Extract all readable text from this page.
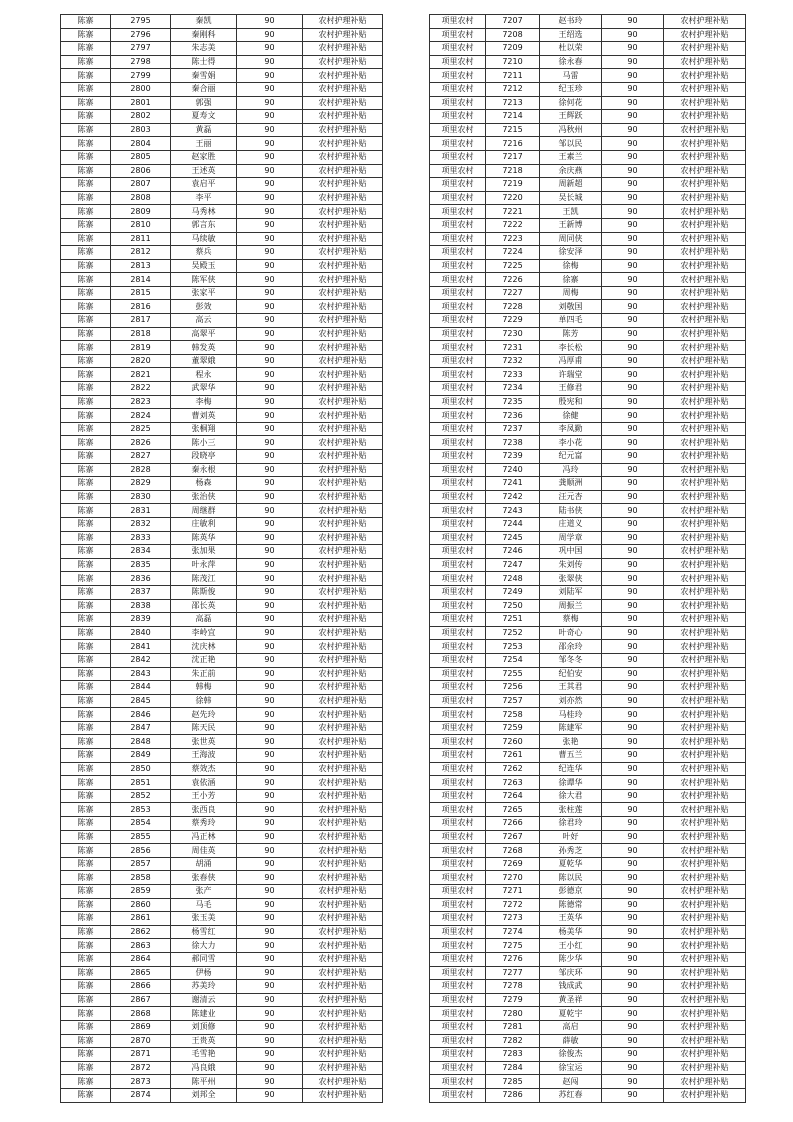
陈寨	2795	秦凯	90	农村护理补贴
陈寨	2796	秦刚科	90	农村护理补贴
陈寨	2797	朱志美	90	农村护理补贴
陈寨	2798	陈士得	90	农村护理补贴
陈寨	2799	秦雪娟	90	农村护理补贴
陈寨	2800	秦合丽	90	农村护理补贴
陈寨	2801	郭强	90	农村护理补贴
陈寨	2802	夏寿文	90	农村护理补贴
陈寨	2803	黄磊	90	农村护理补贴
陈寨	2804	王丽	90	农村护理补贴
陈寨	2805	赵家胜	90	农村护理补贴
陈寨	2806	王述英	90	农村护理补贴
陈寨	2807	袁启平	90	农村护理补贴
陈寨	2808	李平	90	农村护理补贴
陈寨	2809	马秀林	90	农村护理补贴
陈寨	2810	郭言东	90	农村护理补贴
陈寨	2811	马续敏	90	农村护理补贴
陈寨	2812	蔡兵	90	农村护理补贴
陈寨	2813	吴殿玉	90	农村护理补贴
陈寨	2814	陈军侠	90	农村护理补贴
陈寨	2815	张家平	90	农村护理补贴
陈寨	2816	彭效	90	农村护理补贴
陈寨	2817	高云	90	农村护理补贴
陈寨	2818	高翠平	90	农村护理补贴
陈寨	2819	韩发英	90	农村护理补贴
陈寨	2820	董翠娥	90	农村护理补贴
陈寨	2821	程永	90	农村护理补贴
陈寨	2822	武翠华	90	农村护理补贴
陈寨	2823	李梅	90	农村护理补贴
陈寨	2824	曹刘英	90	农村护理补贴
陈寨	2825	张桐翔	90	农村护理补贴
陈寨	2826	陈小三	90	农村护理补贴
陈寨	2827	段晓亭	90	农村护理补贴
陈寨	2828	秦永根	90	农村护理补贴
陈寨	2829	杨森	90	农村护理补贴
陈寨	2830	张治侠	90	农村护理补贴
陈寨	2831	周继群	90	农村护理补贴
陈寨	2832	庄敏利	90	农村护理补贴
陈寨	2833	陈英华	90	农村护理补贴
陈寨	2834	张加果	90	农村护理补贴
陈寨	2835	叶永萍	90	农村护理补贴
陈寨	2836	陈茂江	90	农村护理补贴
陈寨	2837	陈斯俊	90	农村护理补贴
陈寨	2838	邵长英	90	农村护理补贴
陈寨	2839	高磊	90	农村护理补贴
陈寨	2840	李岭宜	90	农村护理补贴
陈寨	2841	沈庆林	90	农村护理补贴
陈寨	2842	沈正艳	90	农村护理补贴
陈寨	2843	朱正前	90	农村护理补贴
陈寨	2844	韩梅	90	农村护理补贴
陈寨	2845	徐韩	90	农村护理补贴
陈寨	2846	赵先玲	90	农村护理补贴
陈寨	2847	陈天民	90	农村护理补贴
陈寨	2848	张世英	90	农村护理补贴
陈寨	2849	王海波	90	农村护理补贴
陈寨	2850	蔡效杰	90	农村护理补贴
陈寨	2851	袁依涵	90	农村护理补贴
陈寨	2852	王小芳	90	农村护理补贴
陈寨	2853	张西良	90	农村护理补贴
陈寨	2854	蔡秀玲	90	农村护理补贴
陈寨	2855	冯正林	90	农村护理补贴
陈寨	2856	周佳英	90	农村护理补贴
陈寨	2857	胡涌	90	农村护理补贴
陈寨	2858	张春侠	90	农村护理补贴
陈寨	2859	张产	90	农村护理补贴
陈寨	2860	马毛	90	农村护理补贴
陈寨	2861	张玉美	90	农村护理补贴
陈寨	2862	杨雪红	90	农村护理补贴
陈寨	2863	徐大力	90	农村护理补贴
陈寨	2864	郝同雪	90	农村护理补贴
陈寨	2865	伊杨	90	农村护理补贴
陈寨	2866	苏美玲	90	农村护理补贴
陈寨	2867	谢清云	90	农村护理补贴
陈寨	2868	陈建业	90	农村护理补贴
陈寨	2869	刘顶修	90	农村护理补贴
陈寨	2870	王贵英	90	农村护理补贴
陈寨	2871	毛雪艳	90	农村护理补贴
陈寨	2872	冯良娥	90	农村护理补贴
陈寨	2873	陈平州	90	农村护理补贴
陈寨	2874	刘邦全	90	农村护理补贴
项里农村	7207	赵书玲	90	农村护理补贴
项里农村	7208	王绍选	90	农村护理补贴
项里农村	7209	杜以荣	90	农村护理补贴
项里农村	7210	徐永春	90	农村护理补贴
项里农村	7211	马雷	90	农村护理补贴
项里农村	7212	纪玉珍	90	农村护理补贴
项里农村	7213	徐何花	90	农村护理补贴
项里农村	7214	王辉跃	90	农村护理补贴
项里农村	7215	冯秋州	90	农村护理补贴
项里农村	7216	邹以民	90	农村护理补贴
项里农村	7217	王素兰	90	农村护理补贴
项里农村	7218	余庆燕	90	农村护理补贴
项里农村	7219	周新超	90	农村护理补贴
项里农村	7220	吴长城	90	农村护理补贴
项里农村	7221	王凯	90	农村护理补贴
项里农村	7222	王新博	90	农村护理补贴
项里农村	7223	周同侠	90	农村护理补贴
项里农村	7224	徐安泽	90	农村护理补贴
项里农村	7225	徐梅	90	农村护理补贴
项里农村	7226	徐寨	90	农村护理补贴
项里农村	7227	周梅	90	农村护理补贴
项里农村	7228	刘敬国	90	农村护理补贴
项里农村	7229	单四毛	90	农村护理补贴
项里农村	7230	陈芳	90	农村护理补贴
项里农村	7231	李长松	90	农村护理补贴
项里农村	7232	冯厚甫	90	农村护理补贴
项里农村	7233	许瑞堂	90	农村护理补贴
项里农村	7234	王修君	90	农村护理补贴
项里农村	7235	殷宪和	90	农村护理补贴
项里农村	7236	徐健	90	农村护理补贴
项里农村	7237	李凤勤	90	农村护理补贴
项里农村	7238	李小花	90	农村护理补贴
项里农村	7239	纪元富	90	农村护理补贴
项里农村	7240	冯玲	90	农村护理补贴
项里农村	7241	龚顺洲	90	农村护理补贴
项里农村	7242	汪元杏	90	农村护理补贴
项里农村	7243	陆书侠	90	农村护理补贴
项里农村	7244	庄道义	90	农村护理补贴
项里农村	7245	周学章	90	农村护理补贴
项里农村	7246	巩中国	90	农村护理补贴
项里农村	7247	朱刘传	90	农村护理补贴
项里农村	7248	张翠侠	90	农村护理补贴
项里农村	7249	刘陆军	90	农村护理补贴
项里农村	7250	周振兰	90	农村护理补贴
项里农村	7251	蔡梅	90	农村护理补贴
项里农村	7252	叶奇心	90	农村护理补贴
项里农村	7253	邵余玲	90	农村护理补贴
项里农村	7254	邹冬冬	90	农村护理补贴
项里农村	7255	纪伯安	90	农村护理补贴
项里农村	7256	王其君	90	农村护理补贴
项里农村	7257	刘亦然	90	农村护理补贴
项里农村	7258	马桂玲	90	农村护理补贴
项里农村	7259	陈建军	90	农村护理补贴
项里农村	7260	张艳	90	农村护理补贴
项里农村	7261	曹五兰	90	农村护理补贴
项里农村	7262	纪连华	90	农村护理补贴
项里农村	7263	徐谭华	90	农村护理补贴
项里农村	7264	徐大君	90	农村护理补贴
项里农村	7265	张柱莲	90	农村护理补贴
项里农村	7266	徐君玲	90	农村护理补贴
项里农村	7267	叶好	90	农村护理补贴
项里农村	7268	孙秀芝	90	农村护理补贴
项里农村	7269	夏乾华	90	农村护理补贴
项里农村	7270	陈以民	90	农村护理补贴
项里农村	7271	彭德京	90	农村护理补贴
项里农村	7272	陈德常	90	农村护理补贴
项里农村	7273	王英华	90	农村护理补贴
项里农村	7274	杨美华	90	农村护理补贴
项里农村	7275	王小红	90	农村护理补贴
项里农村	7276	陈少华	90	农村护理补贴
项里农村	7277	邹庆环	90	农村护理补贴
项里农村	7278	钱成武	90	农村护理补贴
项里农村	7279	黄圣祥	90	农村护理补贴
项里农村	7280	夏乾宇	90	农村护理补贴
项里农村	7281	高启	90	农村护理补贴
项里农村	7282	薛敏	90	农村护理补贴
项里农村	7283	徐俊杰	90	农村护理补贴
项里农村	7284	徐宝运	90	农村护理补贴
项里农村	7285	赵闯	90	农村护理补贴
项里农村	7286	苏红春	90	农村护理补贴
